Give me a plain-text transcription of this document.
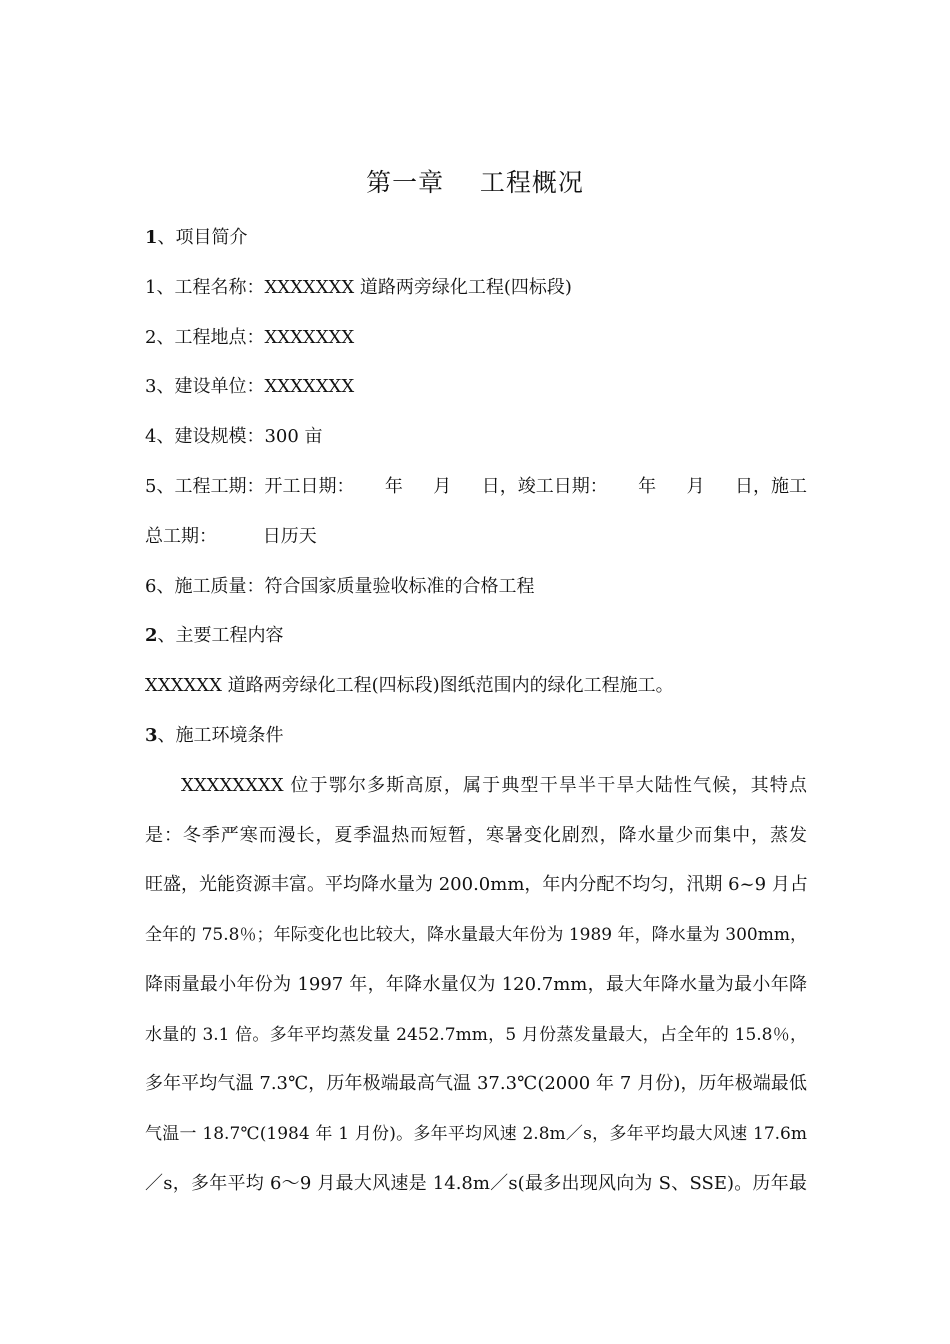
第一章    工程概况
1、项目简介
1、工程名称：XXXXXXX 道路两旁绿化工程(四标段)
2、工程地点：XXXXXXX
3、建设单位：XXXXXXX
4、建设规模：300 亩
5、工程工期：开工日期： 年 月 日，竣工日期： 年 月 日，施工
总工期：        日历天
6、施工质量：符合国家质量验收标准的合格工程
2、主要工程内容
XXXXXX 道路两旁绿化工程(四标段)图纸范围内的绿化工程施工。
3、施工环境条件
XXXXXXXX 位于鄂尔多斯高原，属于典型干旱半干旱大陆性气候，其特点
是：冬季严寒而漫长，夏季温热而短暂，寒暑变化剧烈，降水量少而集中，蒸发
旺盛，光能资源丰富。平均降水量为 200.0mm，年内分配不均匀，汛期 6~9 月占
全年的 75.8％；年际变化也比较大，降水量最大年份为 1989 年，降水量为 300mm，
降雨量最小年份为 1997 年，年降水量仅为 120.7mm，最大年降水量为最小年降
水量的 3.1 倍。多年平均蒸发量 2452.7mm，5 月份蒸发量最大，占全年的 15.8％，
多年平均气温 7.3℃，历年极端最高气温 37.3℃(2000 年 7 月份)，历年极端最低
气温一 18.7℃(1984 年 1 月份)。多年平均风速 2.8m／s，多年平均最大风速 17.6m
／s，多年平均 6～9 月最大风速是 14.8m／s(最多出现风向为 S、SSE)。历年最
